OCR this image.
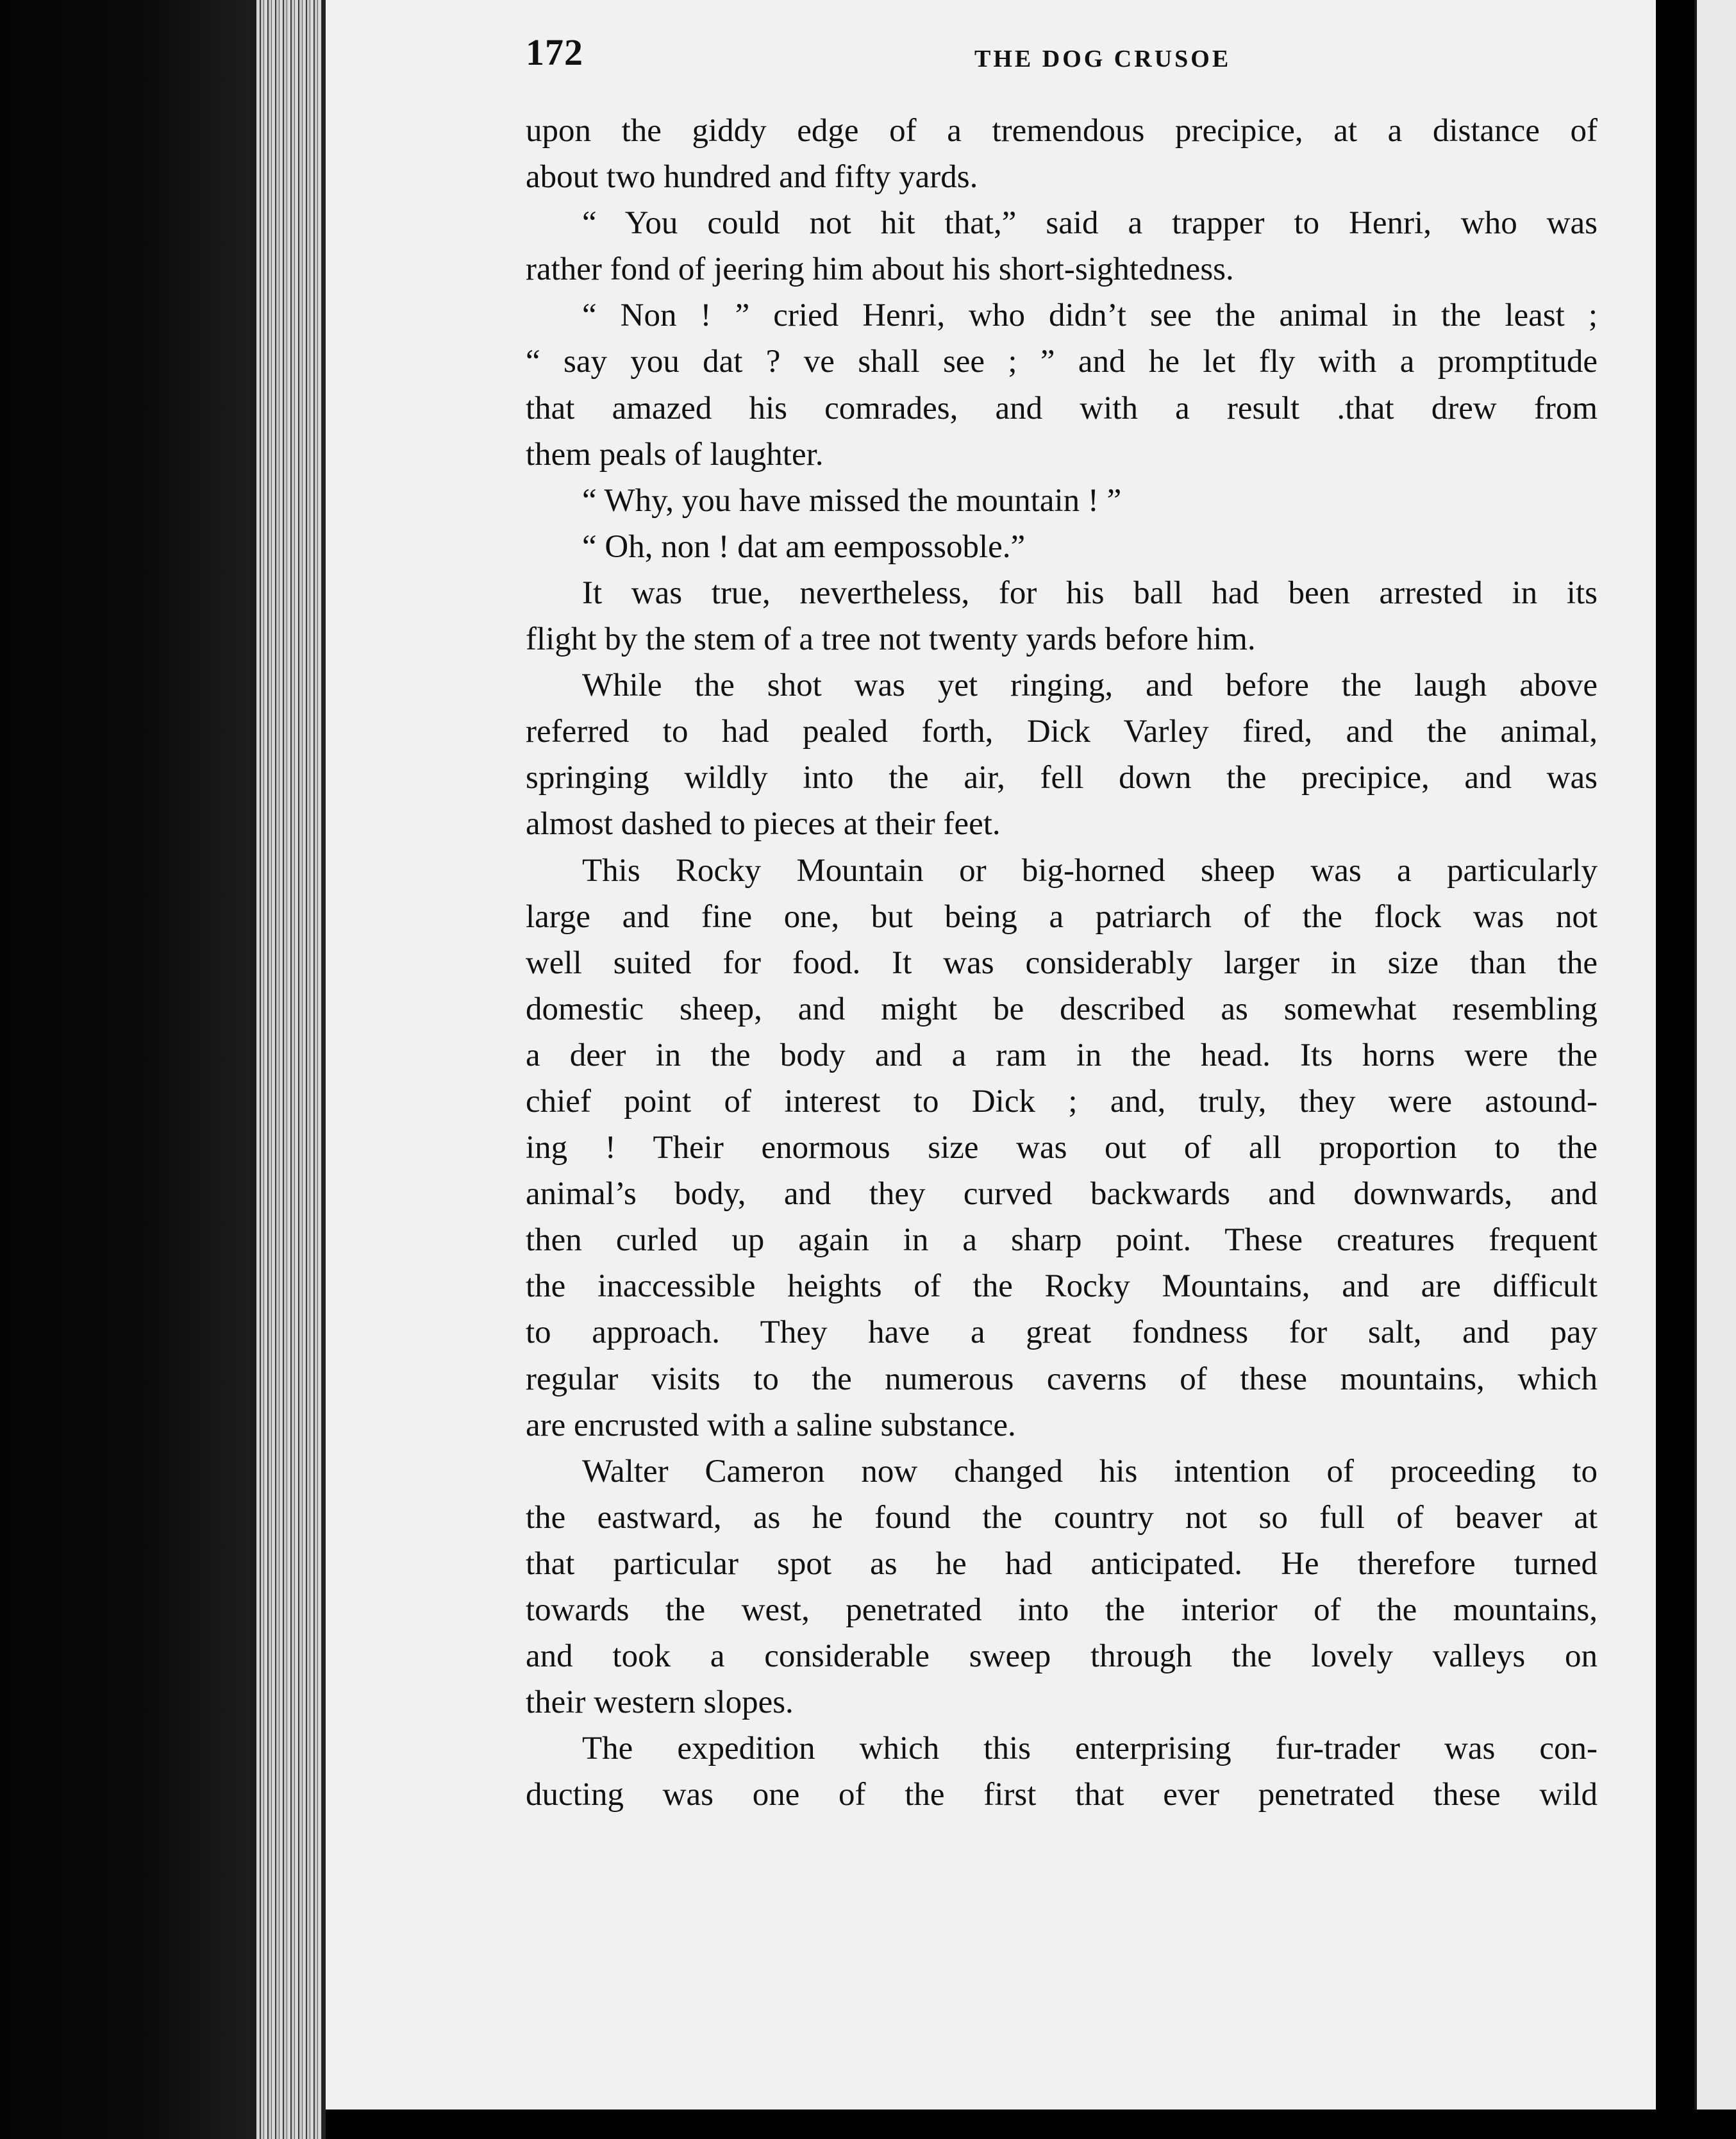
172	THE DOG CRUSOE
upon the giddy edge of a tremendous precipice, at a distance of
about two hundred and fifty yards.
“ You could not hit that,” said a trapper to Henri, who was
rather fond of jeering him about his short-sightedness.
“ Non ! ” cried Henri, who didn’t see the animal in the least ;
“ say you dat ? ve shall see ; ” and he let fly with a promptitude
that amazed his comrades, and with a result .that drew from
them peals of laughter.
“ Why, you have missed the mountain ! ”
“ Oh, non ! dat am eempossoble.”
It was true, nevertheless, for his ball had been arrested in its
flight by the stem of a tree not twenty yards before him.
While the shot was yet ringing, and before the laugh above
referred to had pealed forth, Dick Varley fired, and the animal,
springing wildly into the air, fell down the precipice, and was
almost dashed to pieces at their feet.
This Rocky Mountain or big-horned sheep was a particularly
large and fine one, but being a patriarch of the flock was not
well suited for food. It was considerably larger in size than the
domestic sheep, and might be described as somewhat resembling
a deer in the body and a ram in the head. Its horns were the
chief point of interest to Dick ; and, truly, they were astound-
ing ! Their enormous size was out of all proportion to the
animal’s body, and they curved backwards and downwards, and
then curled up again in a sharp point. These creatures frequent
the inaccessible heights of the Rocky Mountains, and are difficult
to approach. They have a great fondness for salt, and pay
regular visits to the numerous caverns of these mountains, which
are encrusted with a saline substance.
Walter Cameron now changed his intention of proceeding to
the eastward, as he found the country not so full of beaver at
that particular spot as he had anticipated. He therefore turned
towards the west, penetrated into the interior of the mountains,
and took a considerable sweep through the lovely valleys on
their western slopes.
The expedition which this enterprising fur-trader was con-
ducting was one of the first that ever penetrated these wild
